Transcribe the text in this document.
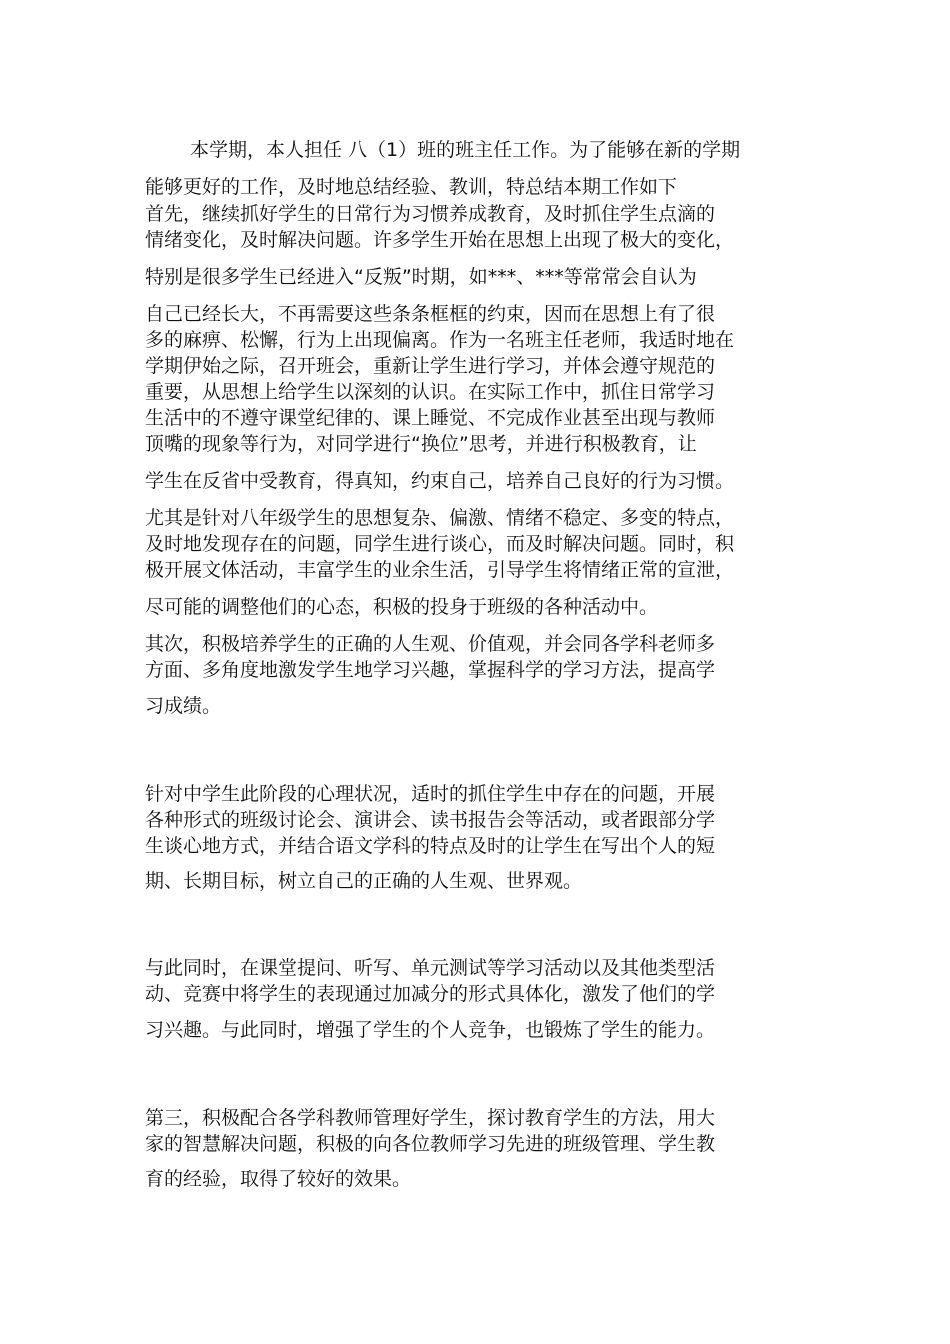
本学期，本人担任 八（1）班的班主任工作。为了能够在新的学期

能够更好的工作，及时地总结经验、教训，特总结本期工作如下

首先，继续抓好学生的日常行为习惯养成教育，及时抓住学生点滴的

情绪变化，及时解决问题。许多学生开始在思想上出现了极大的变化，

特别是很多学生已经进入“反叛”时期，如***、***等常常会自认为

自己已经长大，不再需要这些条条框框的约束，因而在思想上有了很

多的麻痹、松懈，行为上出现偏离。作为一名班主任老师，我适时地在

学期伊始之际，召开班会，重新让学生进行学习，并体会遵守规范的

重要，从思想上给学生以深刻的认识。在实际工作中，抓住日常学习

生活中的不遵守课堂纪律的、课上睡觉、不完成作业甚至出现与教师

顶嘴的现象等行为，对同学进行“换位”思考，并进行积极教育，让

学生在反省中受教育，得真知，约束自己，培养自己良好的行为习惯。

尤其是针对八年级学生的思想复杂、偏激、情绪不稳定、多变的特点，

及时地发现存在的问题，同学生进行谈心，而及时解决问题。同时，积

极开展文体活动，丰富学生的业余生活，引导学生将情绪正常的宣泄，

尽可能的调整他们的心态，积极的投身于班级的各种活动中。

其次，积极培养学生的正确的人生观、价值观，并会同各学科老师多

方面、多角度地激发学生地学习兴趣，掌握科学的学习方法，提高学

习成绩。

针对中学生此阶段的心理状况，适时的抓住学生中存在的问题，开展

各种形式的班级讨论会、演讲会、读书报告会等活动，或者跟部分学

生谈心地方式，并结合语文学科的特点及时的让学生在写出个人的短

期、长期目标，树立自己的正确的人生观、世界观。

与此同时，在课堂提问、听写、单元测试等学习活动以及其他类型活

动、竞赛中将学生的表现通过加减分的形式具体化，激发了他们的学

习兴趣。与此同时，增强了学生的个人竞争，也锻炼了学生的能力。

第三，积极配合各学科教师管理好学生，探讨教育学生的方法，用大

家的智慧解决问题，积极的向各位教师学习先进的班级管理、学生教

育的经验，取得了较好的效果。
